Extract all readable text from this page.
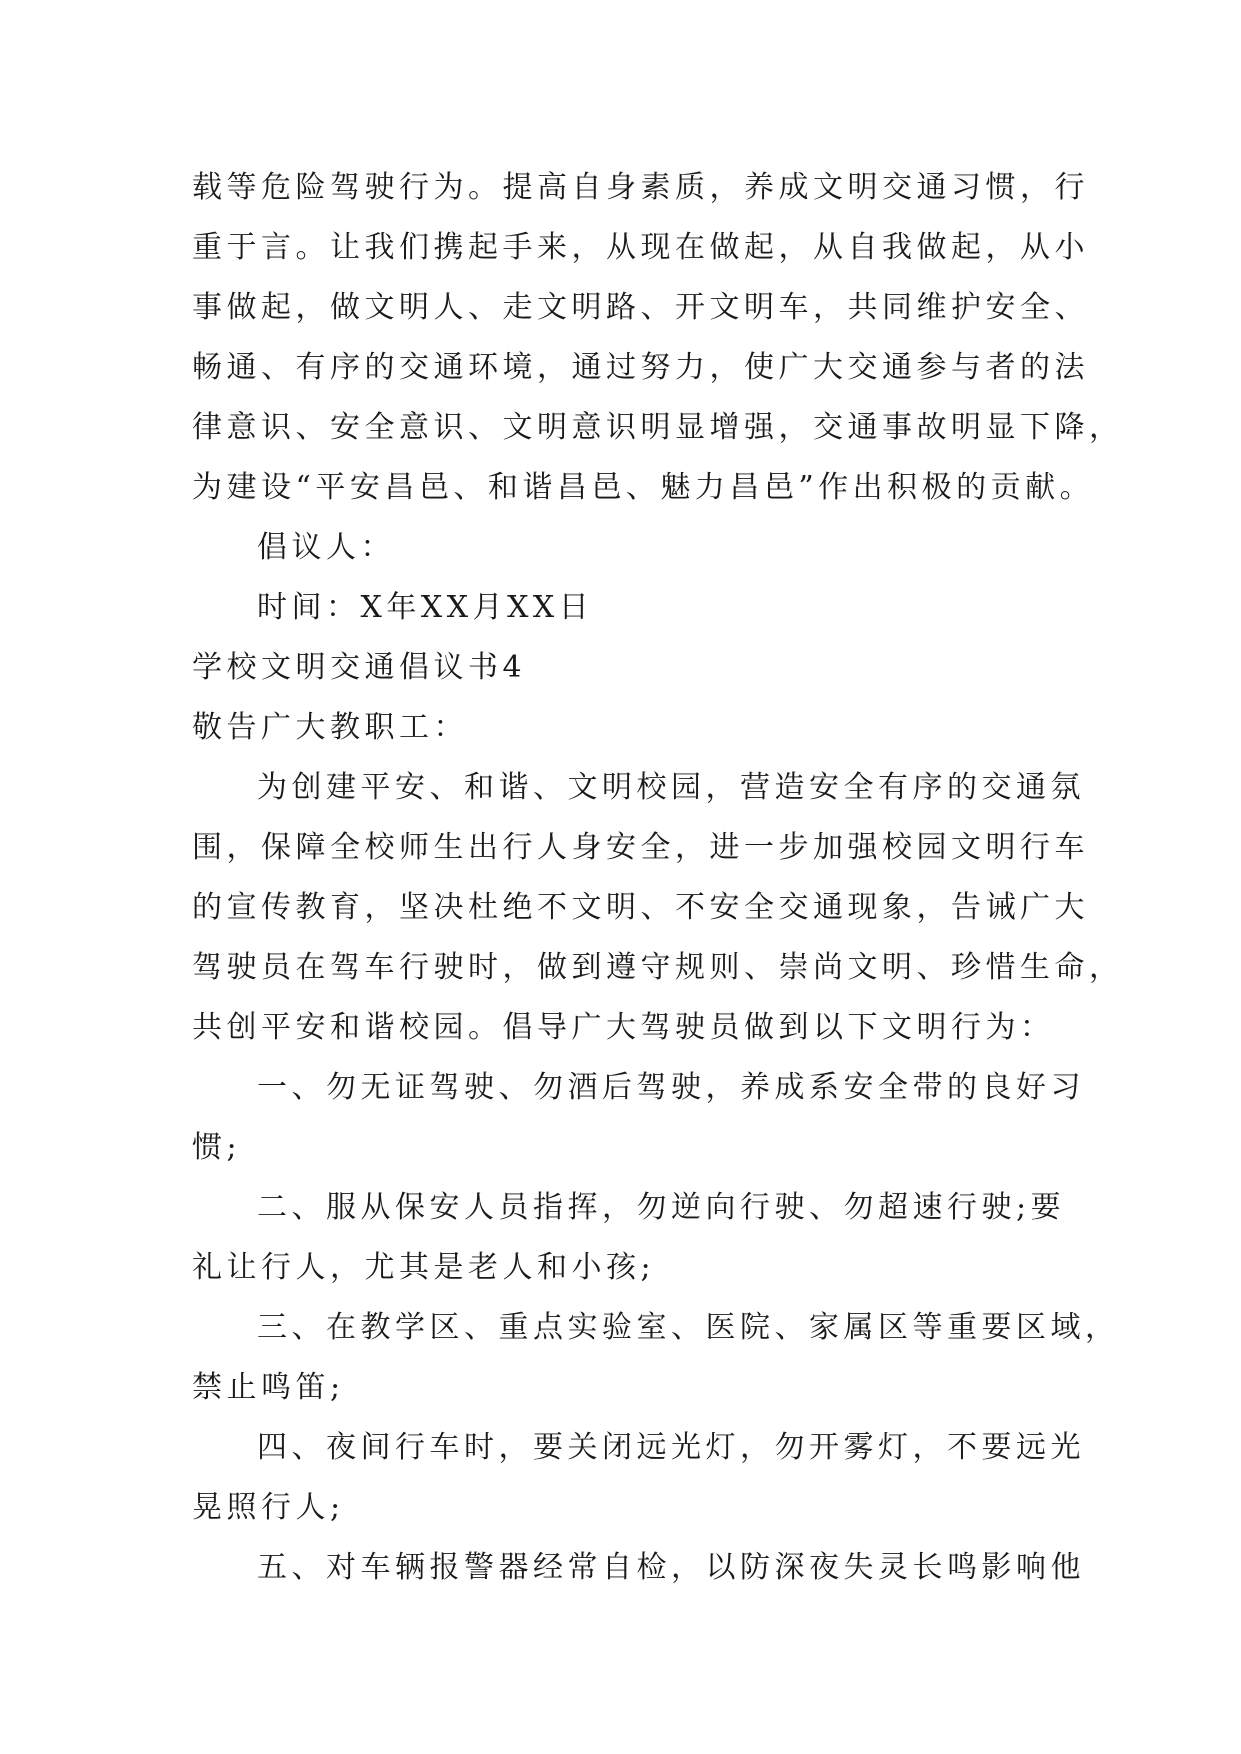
载等危险驾驶行为。提高自身素质，养成文明交通习惯，行
重于言。让我们携起手来，从现在做起，从自我做起，从小
事做起，做文明人、走文明路、开文明车，共同维护安全、
畅通、有序的交通环境，通过努力，使广大交通参与者的法
律意识、安全意识、文明意识明显增强，交通事故明显下降，
为建设“平安昌邑、和谐昌邑、魅力昌邑”作出积极的贡献。
倡议人：
时间：X年XX月XX日
学校文明交通倡议书4
敬告广大教职工：
为创建平安、和谐、文明校园，营造安全有序的交通氛
围，保障全校师生出行人身安全，进一步加强校园文明行车
的宣传教育，坚决杜绝不文明、不安全交通现象，告诫广大
驾驶员在驾车行驶时，做到遵守规则、崇尚文明、珍惜生命，
共创平安和谐校园。倡导广大驾驶员做到以下文明行为：
一、勿无证驾驶、勿酒后驾驶，养成系安全带的良好习
惯;
二、服从保安人员指挥，勿逆向行驶、勿超速行驶;要
礼让行人，尤其是老人和小孩;
三、在教学区、重点实验室、医院、家属区等重要区域，
禁止鸣笛;
四、夜间行车时，要关闭远光灯，勿开雾灯，不要远光
晃照行人;
五、对车辆报警器经常自检，以防深夜失灵长鸣影响他
